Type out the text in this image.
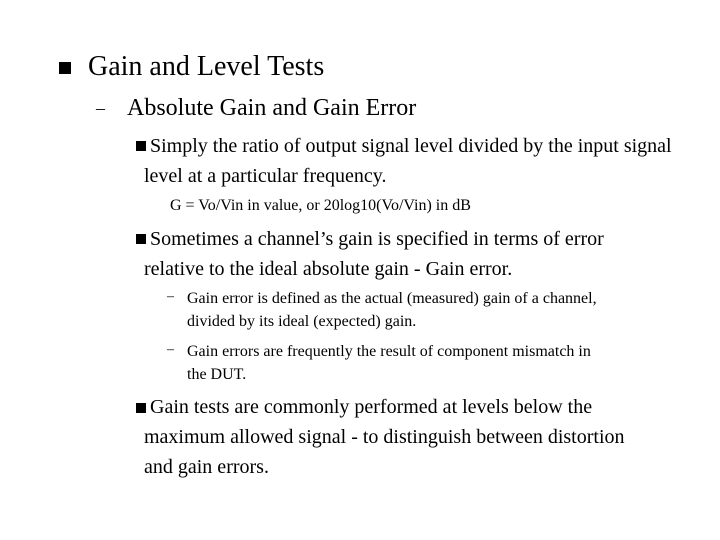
Gain and Level Tests
– Absolute Gain and Gain Error
Simply the ratio of output signal level divided by the input signal level at a particular frequency.
G = Vo/Vin in value, or 20log10(Vo/Vin) in dB
Sometimes a channel’s gain is specified in terms of error relative to the ideal absolute gain - Gain error.
– Gain error is defined as the actual (measured) gain of a channel, divided by its ideal (expected) gain.
– Gain errors are frequently the result of component mismatch in the DUT.
Gain tests are commonly performed at levels below the maximum allowed signal - to distinguish between distortion and gain errors.
